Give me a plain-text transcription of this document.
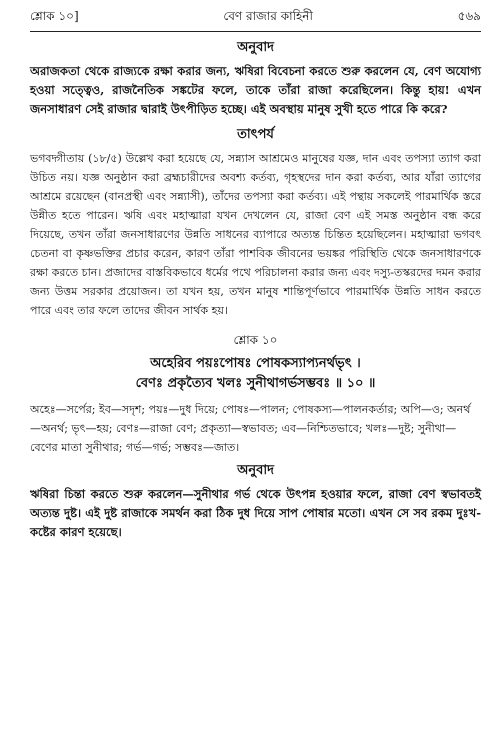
শ্লোক ১০]	বেণ রাজার কাহিনী	৫৬৯
অনুবাদ

অরাজকতা থেকে রাজ্যকে রক্ষা করার জন্য, ঋষিরা বিবেচনা করতে শুরু করলেন যে, বেণ অযোগ্য হওয়া সত্ত্বেও, রাজনৈতিক সঙ্কটের ফলে, তাকে তাঁরা রাজা করেছিলেন। কিন্তু হায়! এখন জনসাধারণ সেই রাজার দ্বারাই উৎপীড়িত হচ্ছে। এই অবস্থায় মানুষ সুখী হতে পারে কি করে?

তাৎপর্য

ভগবদ্গীতায় (১৮/৫) উল্লেখ করা হয়েছে যে, সন্ন্যাস আশ্রমেও মানুষের যজ্ঞ, দান এবং তপস্যা ত্যাগ করা উচিত নয়। যজ্ঞ অনুষ্ঠান করা ব্রহ্মচারীদের অবশ্য কর্তব্য, গৃহস্থদের দান করা কর্তব্য, আর যাঁরা ত্যাগের আশ্রমে রয়েছেন (বানপ্রস্থী এবং সন্ন্যাসী), তাঁদের তপস্যা করা কর্তব্য। এই পন্থায় সকলেই পারমার্থিক স্তরে উন্নীত হতে পারেন। ঋষি এবং মহাত্মারা যখন দেখলেন যে, রাজা বেণ এই সমস্ত অনুষ্ঠান বন্ধ করে দিয়েছে, তখন তাঁরা জনসাধারণের উন্নতি সাধনের ব্যাপারে অত্যন্ত চিন্তিত হয়েছিলেন। মহাত্মারা ভগবৎ চেতনা বা কৃষ্ণভক্তির প্রচার করেন, কারণ তাঁরা পাশবিক জীবনের ভয়ঙ্কর পরিস্থিতি থেকে জনসাধারণকে রক্ষা করতে চান। প্রজাদের বাস্তবিকভাবে ধর্মের পথে পরিচালনা করার জন্য এবং দস্যু-তস্করদের দমন করার জন্য উত্তম সরকার প্রয়োজন। তা যখন হয়, তখন মানুষ শান্তিপূর্ণভাবে পারমার্থিক উন্নতি সাধন করতে পারে এবং তার ফলে তাদের জীবন সার্থক হয়।

শ্লোক ১০

অহেরিব পয়ঃপোষঃ পোষকস্যাপ্যনর্থভৃৎ ।

বেণঃ প্রকৃত্যৈব খলঃ সুনীথাগর্ভসম্ভবঃ ॥ ১০ ॥

অহেঃ—সর্পের; ইব—সদৃশ; পয়ঃ—দুধ দিয়ে; পোষঃ—পালন; পোষকস্য—পালনকর্তার; অপি—ও; অনর্থ—অনর্থ; ভৃৎ—হয়; বেণঃ—রাজা বেণ; প্রকৃত্যা—স্বভাবত; এব—নিশ্চিতভাবে; খলঃ—দুষ্ট; সুনীথা—বেণের মাতা সুনীথার; গর্ভ—গর্ভ; সম্ভবঃ—জাত।

অনুবাদ

ঋষিরা চিন্তা করতে শুরু করলেন—সুনীথার গর্ভ থেকে উৎপন্ন হওয়ার ফলে, রাজা বেণ স্বভাবতই অত্যন্ত দুষ্ট। এই দুষ্ট রাজাকে সমর্থন করা ঠিক দুধ দিয়ে সাপ পোষার মতো। এখন সে সব রকম দুঃখ-কষ্টের কারণ হয়েছে।
